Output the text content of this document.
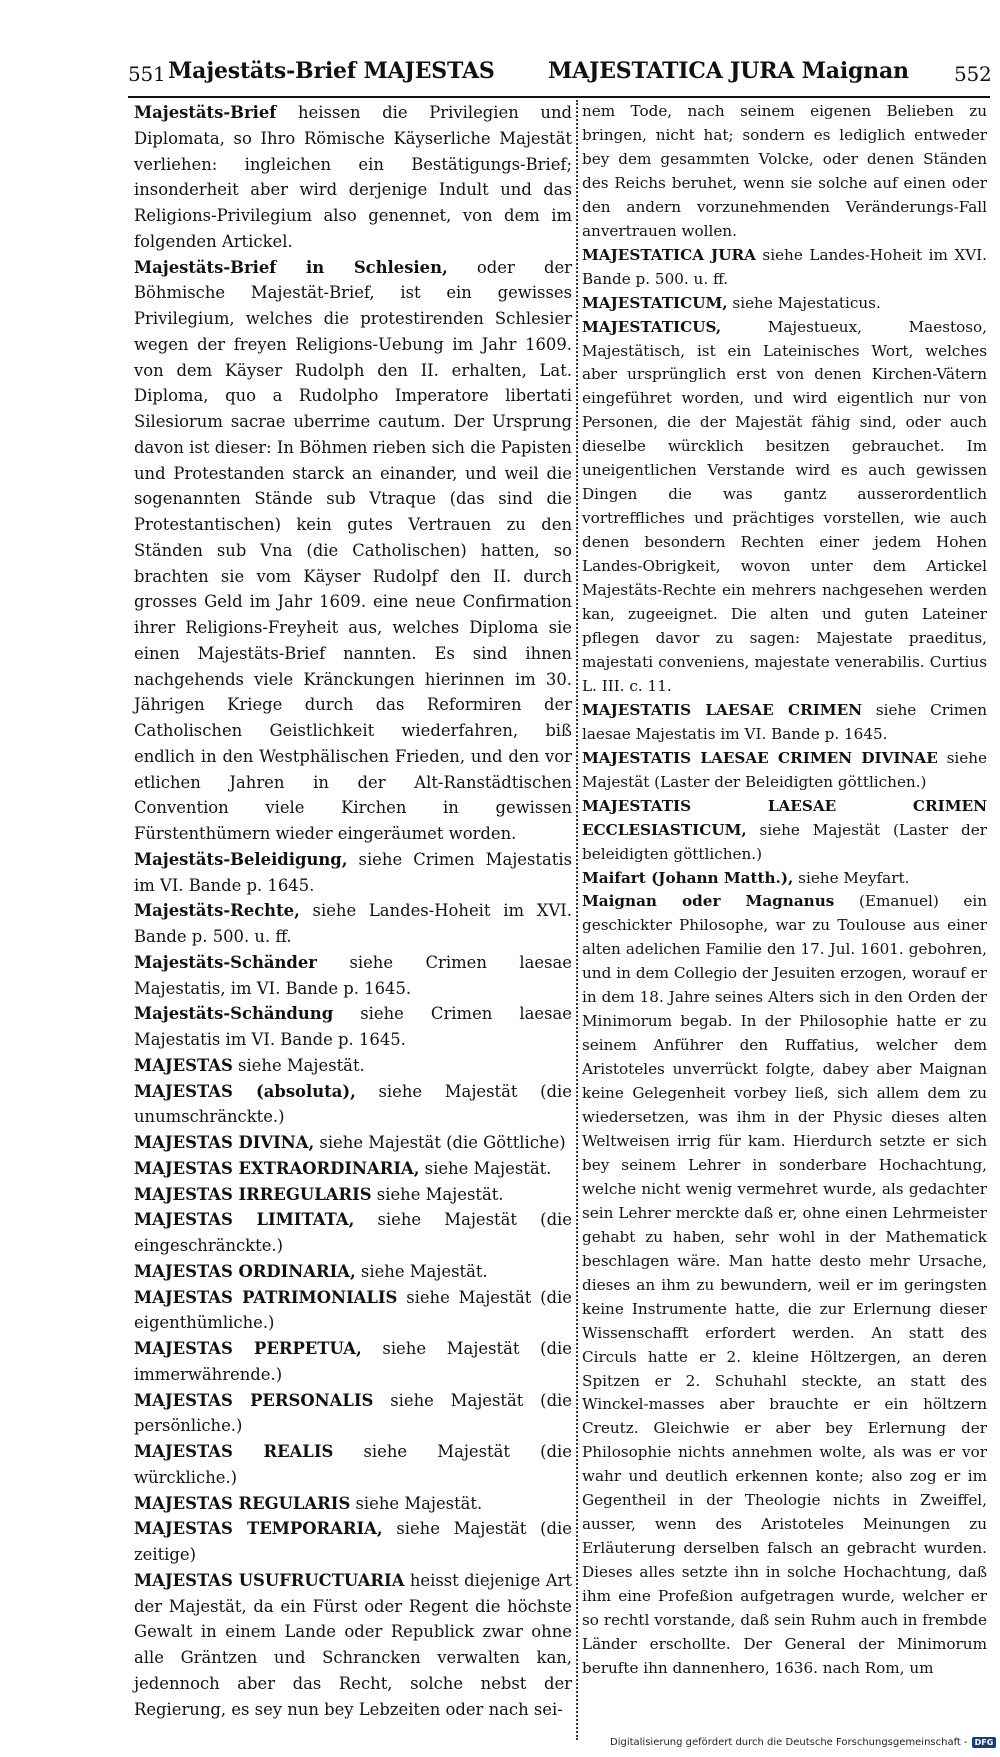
551 Majestäts-Brief MAJESTAS MAJESTATICA JURA Maignan 552

Majestäts-Brief heissen die Privilegien und Diplomata, so Ihro Römische Käyserliche Majestät verliehen: ingleichen ein Bestätigungs-Brief; insonderheit aber wird derjenige Indult und das Religions-Privilegium also genennet, von dem im folgenden Artickel.

Majestäts-Brief in Schlesien, oder der Böhmische Majestät-Brief, ist ein gewisses Privilegium, welches die protestirenden Schlesier wegen der freyen Religions-Uebung im Jahr 1609. von dem Käyser Rudolph den II. erhalten, Lat. Diploma, quo a Rudolpho Imperatore libertati Silesiorum sacrae uberrime cautum. Der Ursprung davon ist dieser: In Böhmen rieben sich die Papisten und Protestanden starck an einander, und weil die sogenannten Stände sub Vtraque (das sind die Protestantischen) kein gutes Vertrauen zu den Ständen sub Vna (die Catholischen) hatten, so brachten sie vom Käyser Rudolpf den II. durch grosses Geld im Jahr 1609. eine neue Confirmation ihrer Religions-Freyheit aus, welches Diploma sie einen Majestäts-Brief nannten. Es sind ihnen nachgehends viele Kränckungen hierinnen im 30. Jährigen Kriege durch das Reformiren der Catholischen Geistlichkeit wiederfahren, biß endlich in den Westphälischen Frieden, und den vor etlichen Jahren in der Alt-Ranstädtischen Convention viele Kirchen in gewissen Fürstenthümern wieder eingeräumet worden.

Majestäts-Beleidigung, siehe Crimen Majestatis im VI. Bande p. 1645.

Majestäts-Rechte, siehe Landes-Hoheit im XVI. Bande p. 500. u. ff.

Majestäts-Schänder siehe Crimen laesae Majestatis, im VI. Bande p. 1645.

Majestäts-Schändung siehe Crimen laesae Majestatis im VI. Bande p. 1645.

MAJESTAS siehe Majestät.

MAJESTAS (absoluta), siehe Majestät (die unumschränckte.)

MAJESTAS DIVINA, siehe Majestät (die Göttliche)

MAJESTAS EXTRAORDINARIA, siehe Majestät.

MAJESTAS IRREGULARIS siehe Majestät.

MAJESTAS LIMITATA, siehe Majestät (die eingeschränckte.)

MAJESTAS ORDINARIA, siehe Majestät.

MAJESTAS PATRIMONIALIS siehe Majestät (die eigenthümliche.)

MAJESTAS PERPETUA, siehe Majestät (die immerwährende.)

MAJESTAS PERSONALIS siehe Majestät (die persönliche.)

MAJESTAS REALIS siehe Majestät (die würckliche.)

MAJESTAS REGULARIS siehe Majestät.

MAJESTAS TEMPORARIA, siehe Majestät (die zeitige)

MAJESTAS USUFRUCTUARIA heisst diejenige Art der Majestät, da ein Fürst oder Regent die höchste Gewalt in einem Lande oder Republick zwar ohne alle Gräntzen und Schrancken verwalten kan, jedennoch aber das Recht, solche nebst der Regierung, es sey nun bey Lebzeiten oder nach sei-

nem Tode, nach seinem eigenen Belieben zu bringen, nicht hat; sondern es lediglich entweder bey dem gesammten Volcke, oder denen Ständen des Reichs beruhet, wenn sie solche auf einen oder den andern vorzunehmenden Veränderungs-Fall anvertrauen wollen.

MAJESTATICA JURA siehe Landes-Hoheit im XVI. Bande p. 500. u. ff.

MAJESTATICUM, siehe Majestaticus.

MAJESTATICUS,	Majestueux, Maestoso, Majestätisch, ist ein Lateinisches Wort, welches aber ursprünglich erst von denen Kirchen-Vätern eingeführet worden, und wird eigentlich nur von Personen, die der Majestät fähig sind, oder auch dieselbe würcklich besitzen gebrauchet. Im uneigentlichen Verstande wird es auch gewissen Dingen die was gantz ausserordentlich vortreffliches und prächtiges vorstellen, wie auch denen besondern Rechten einer jedem Hohen Landes-Obrigkeit, wovon unter dem Artickel Majestäts-Rechte ein mehrers nachgesehen werden kan, zugeeignet. Die alten und guten Lateiner pflegen davor zu sagen: Majestate praeditus, majestati conveniens, majestate venerabilis. Curtius L. III. c. 11.

MAJESTATIS LAESAE CRIMEN siehe Crimen laesae Majestatis im VI. Bande p. 1645.

MAJESTATIS LAESAE CRIMEN DIVINAE siehe Majestät (Laster der Beleidigten göttlichen.)

MAJESTATIS LAESAE CRIMEN ECCLESIASTICUM, siehe Majestät (Laster der beleidigten göttlichen.)

Maifart (Johann Matth.), siehe Meyfart.

Maignan oder Magnanus (Emanuel) ein geschickter Philosophe, war zu Toulouse aus einer alten adelichen Familie den 17. Jul. 1601. gebohren, und in dem Collegio der Jesuiten erzogen, worauf er in dem 18. Jahre seines Alters sich in den Orden der Minimorum begab. In der Philosophie hatte er zu seinem Anführer den Ruffatius, welcher dem Aristoteles unverrückt folgte, dabey aber Maignan keine Gelegenheit vorbey ließ, sich allem dem zu wiedersetzen, was ihm in der Physic dieses alten Weltweisen irrig für kam. Hierdurch setzte er sich bey seinem Lehrer in sonderbare Hochachtung, welche nicht wenig vermehret wurde, als gedachter sein Lehrer merckte daß er, ohne einen Lehrmeister gehabt zu haben, sehr wohl in der Mathematick beschlagen wäre. Man hatte desto mehr Ursache, dieses an ihm zu bewundern, weil er im geringsten keine Instrumente hatte, die zur Erlernung dieser Wissenschafft erfordert werden. An statt des Circuls hatte er 2. kleine Höltzergen, an deren Spitzen er 2. Schuhahl steckte, an statt des Winckel-masses aber brauchte er ein höltzern Creutz. Gleichwie er aber bey Erlernung der Philosophie nichts annehmen wolte, als was er vor wahr und deutlich erkennen konte; also zog er im Gegentheil in der Theologie nichts in Zweiffel, ausser, wenn des Aristoteles Meinungen zu Erläuterung derselben falsch an gebracht wurden. Dieses alles setzte ihn in solche Hochachtung, daß ihm eine Profeßion aufgetragen wurde, welcher er so rechtl vorstande, daß sein Ruhm auch in frembde Länder erschollte. Der General der Minimorum berufte ihn dannenhero, 1636. nach Rom, um

Digitalisierung gefördert durch die Deutsche Forschungsgemeinschaft - DFG
